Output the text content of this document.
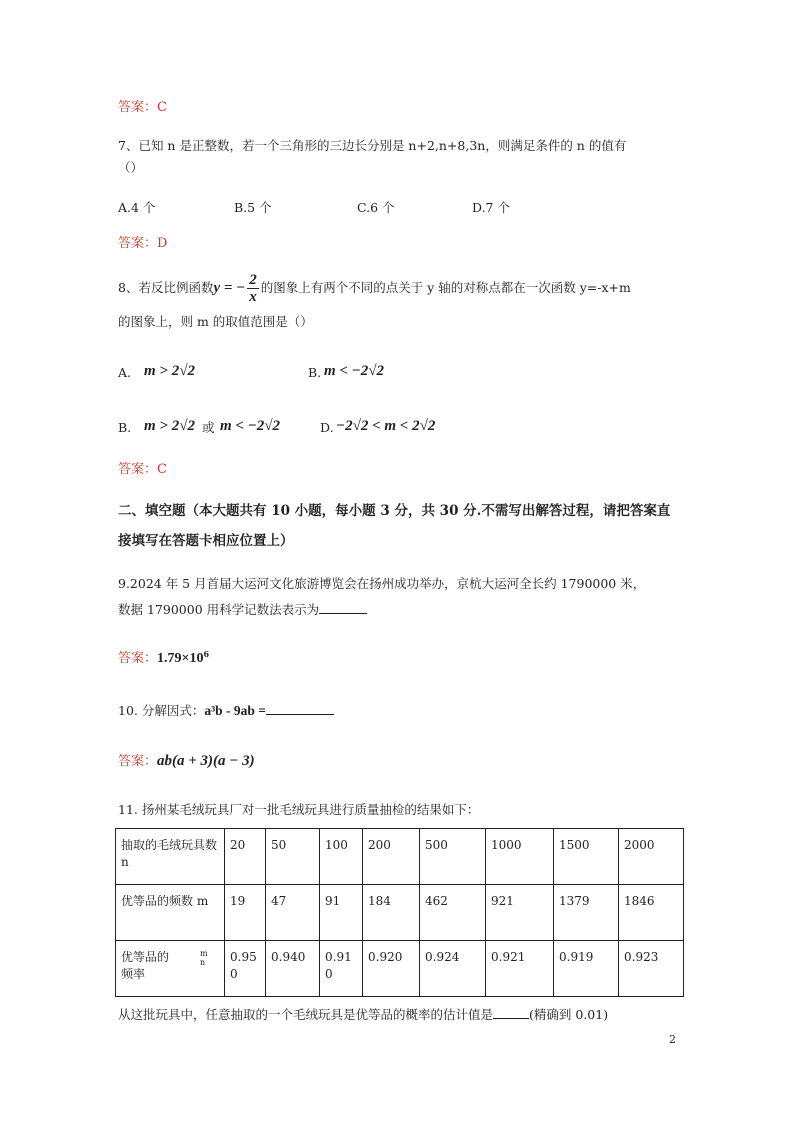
答案：C
7、已知 n 是正整数，若一个三角形的三边长分别是 n+2,n+8,3n，则满足条件的 n 的值有
（）
A.4 个	B.5 个	C.6 个	D.7 个
答案：D
8、若反比例函数y = − $\frac{2}{x}$ 的图象上有两个不同的点关于 y 轴的对称点都在一次函数 y=-x+m
的图象上，则 m 的取值范围是（）
A. m > 2√2	B. m < −2√2
B. m > 2√2 或 m < −2√2	D. −2√2 < m < 2√2
答案：C
二、填空题（本大题共有 10 小题，每小题 3 分，共 30 分.不需写出解答过程，请把答案直
接填写在答题卡相应位置上）
9.2024 年 5 月首届大运河文化旅游博览会在扬州成功举办，京杭大运河全长约 1790000 米，
数据 1790000 用科学记数法表示为
答案：$1.79\times 10^6$
10. 分解因式：a³b - 9ab =
答案：ab(a + 3)(a − 3)
11. 扬州某毛绒玩具厂对一批毛绒玩具进行质量抽检的结果如下：
抽取的毛绒玩具数 n	20	50	100	200	500	1000	1500	2000
优等品的频数 m	19	47	91	184	462	921	1379	1846
优等品的频率
m
n	0.950	0.940	0.910	0.920	0.924	0.921	0.919	0.923
从这批玩具中，任意抽取的一个毛绒玩具是优等品的概率的估计值是	(精确到 0.01)
2
